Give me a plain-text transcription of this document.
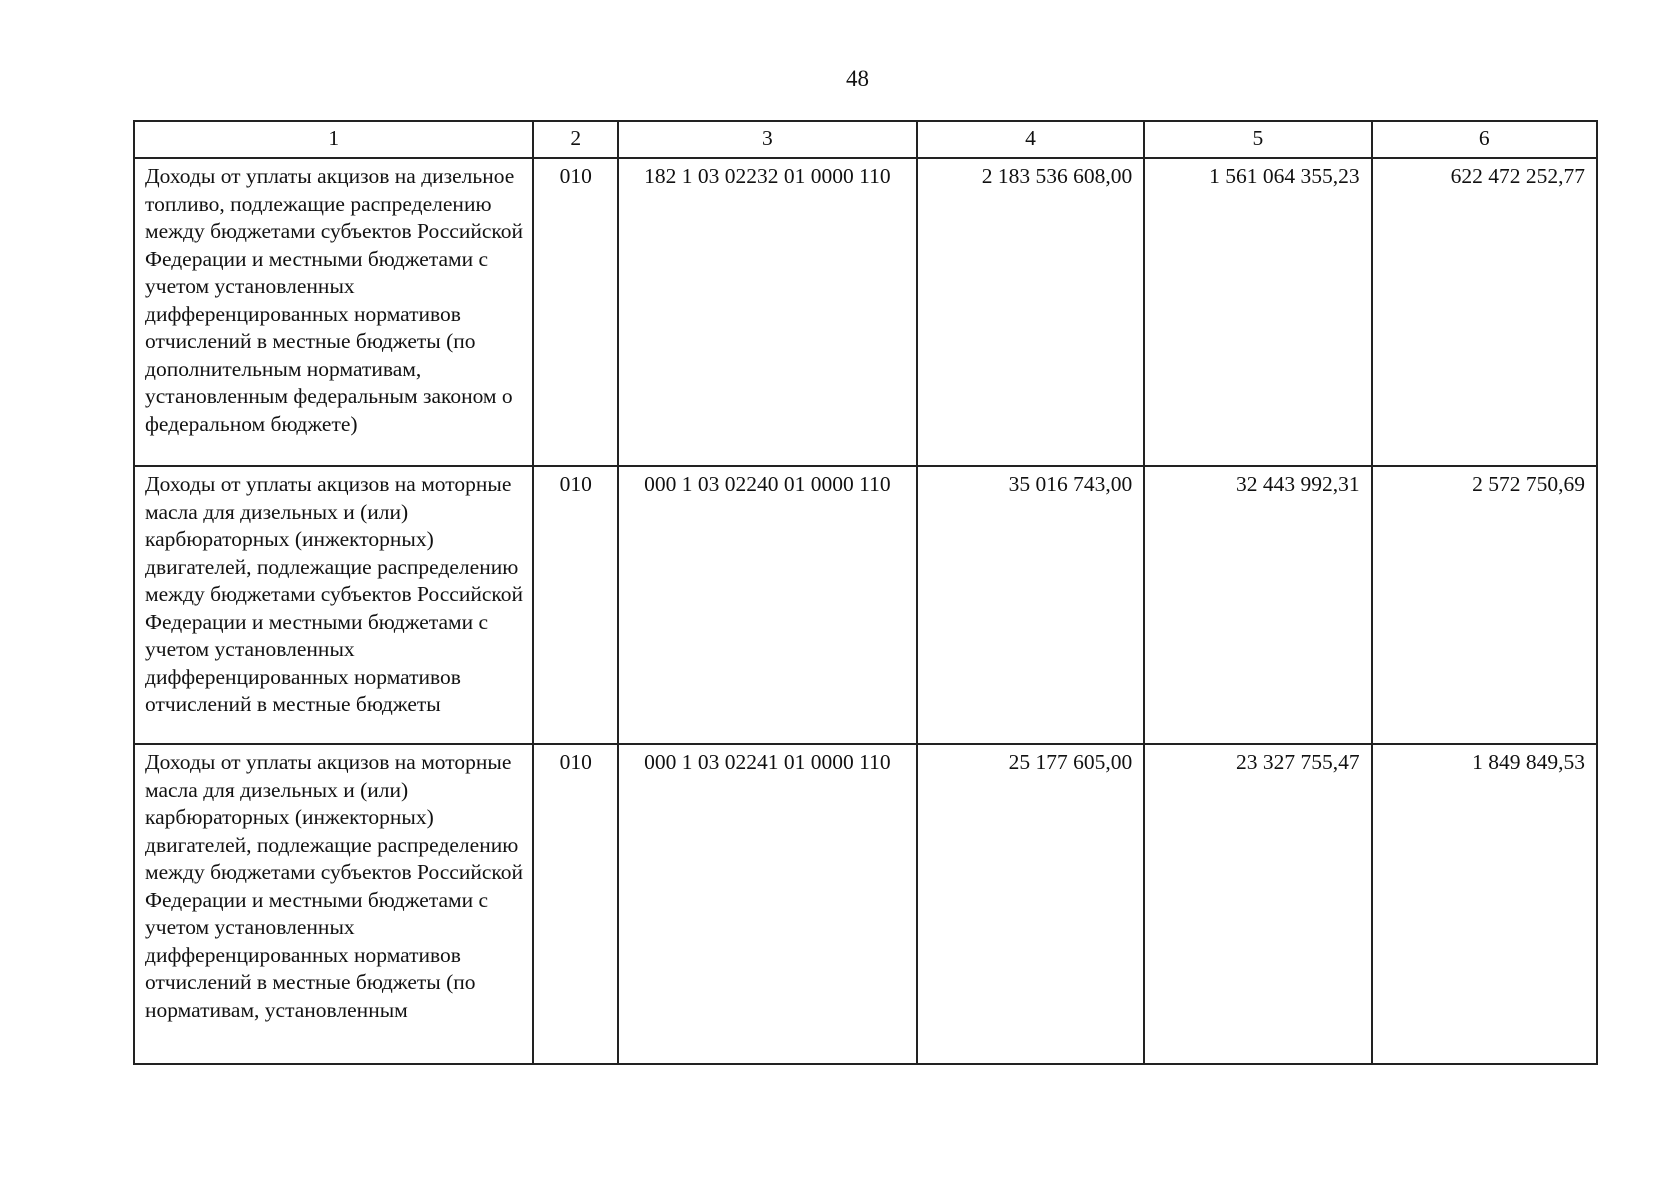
48
1	2	3	4	5	6

Доходы от уплаты акцизов на дизельное топливо, подлежащие распределению между бюджетами субъектов Российской Федерации и местными бюджетами с учетом установленных дифференцированных нормативов отчислений в местные бюджеты (по дополнительным нормативам, установленным федеральным законом о федеральном бюджете)	010	182 1 03 02232 01 0000 110	2 183 536 608,00	1 561 064 355,23	622 472 252,77

Доходы от уплаты акцизов на моторные масла для дизельных и (или) карбюраторных (инжекторных) двигателей, подлежащие распределению между бюджетами субъектов Российской Федерации и местными бюджетами с учетом установленных дифференцированных нормативов отчислений в местные бюджеты	010	000 1 03 02240 01 0000 110	35 016 743,00	32 443 992,31	2 572 750,69

Доходы от уплаты акцизов на моторные масла для дизельных и (или) карбюраторных (инжекторных) двигателей, подлежащие распределению между бюджетами субъектов Российской Федерации и местными бюджетами с учетом установленных дифференцированных нормативов отчислений в местные бюджеты (по нормативам, установленным	010	000 1 03 02241 01 0000 110	25 177 605,00	23 327 755,47	1 849 849,53
